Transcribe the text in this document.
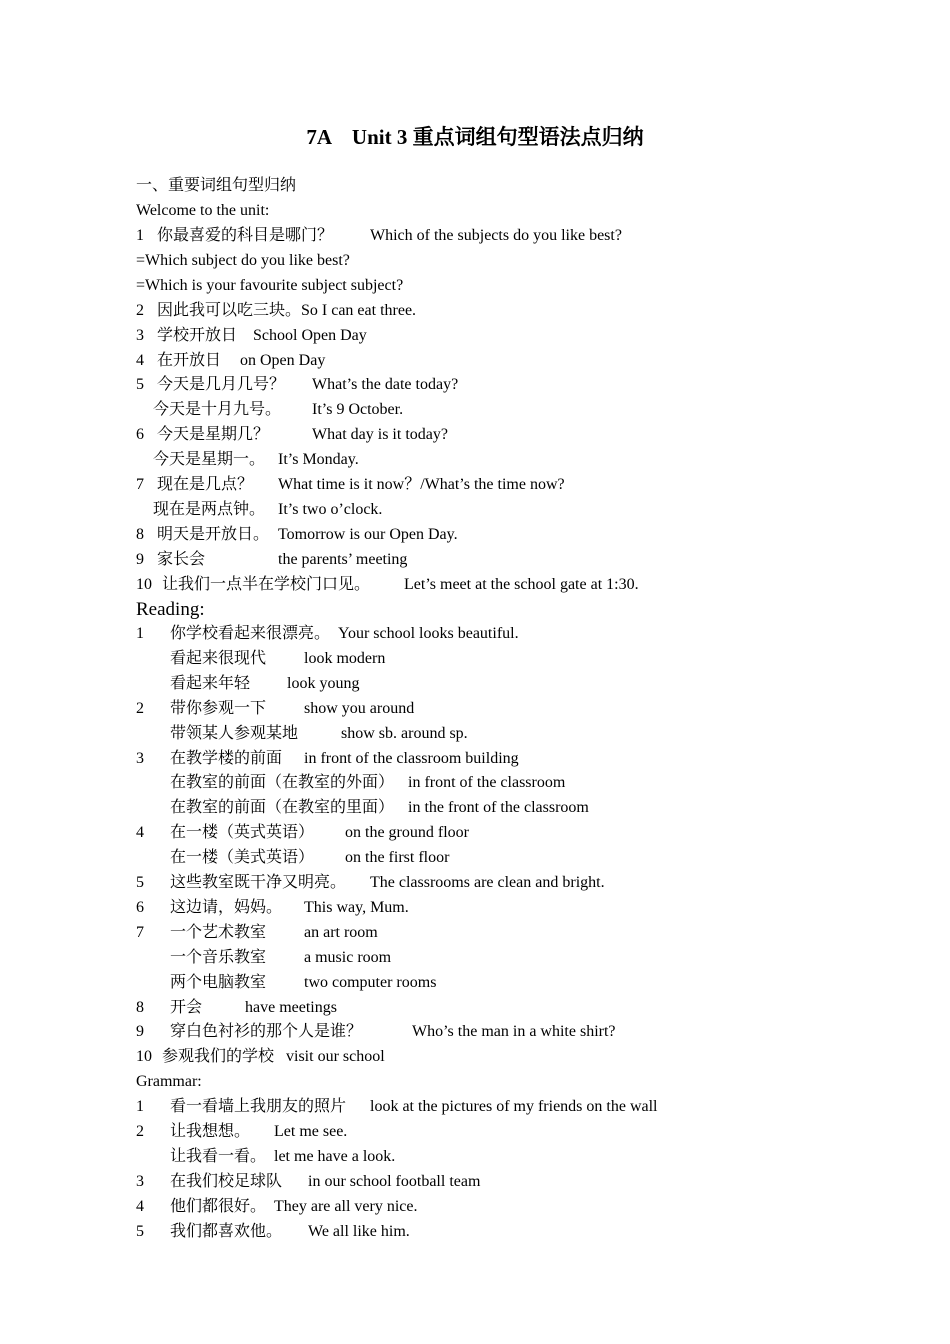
7A    Unit 3 重点词组句型语法点归纳
一、重要词组句型归纳
Welcome to the unit:

1 你最喜爱的科目是哪门？ Which of the subjects do you like best?
=Which subject do you like best?
=Which is your favourite subject subject?

2 因此我可以吃三块。So I can eat three.

3 学校开放日 School Open Day

4 在开放日 on Open Day

5 今天是几月几号？ What’s the date today?

今天是十月九号。 It’s 9 October.

6 今天是星期几？	What day is it today?

今天是星期一。 It’s Monday.

7 现在是几点？ What time is it now？/What’s the time now?

现在是两点钟。 It’s two o’clock.

8 明天是开放日。 Tomorrow is our Open Day.

9 家长会	the parents’ meeting

10 让我们一点半在学校门口见。 Let’s meet at the school gate at 1:30.
Reading:

1 你学校看起来很漂亮。 Your school looks beautiful.

看起来很现代 look modern

看起来年轻 look young

2 带你参观一下 show you around

带领某人参观某地	show sb. around sp.

3 在教学楼的前面 in front of the classroom building

在教室的前面（在教室的外面） in front of the classroom

在教室的前面（在教室的里面） in the front of the classroom

4 在一楼（英式英语） on the ground floor

在一楼（美式英语） on the first floor

5 这些教室既干净又明亮。 The classrooms are clean and bright.

6 这边请，妈妈。 This way, Mum.

7 一个艺术教室 an art room

一个音乐教室 a music room

两个电脑教室 two computer rooms

8 开会	have meetings

9 穿白色衬衫的那个人是谁？	Who’s the man in a white shirt?

10 参观我们的学校 visit our school
Grammar:

1 看一看墙上我朋友的照片 look at the pictures of my friends on the wall

2 让我想想。 Let me see.

让我看一看。 let me have a look.

3 在我们校足球队 in our school football team

4 他们都很好。 They are all very nice.

5 我们都喜欢他。 We all like him.
